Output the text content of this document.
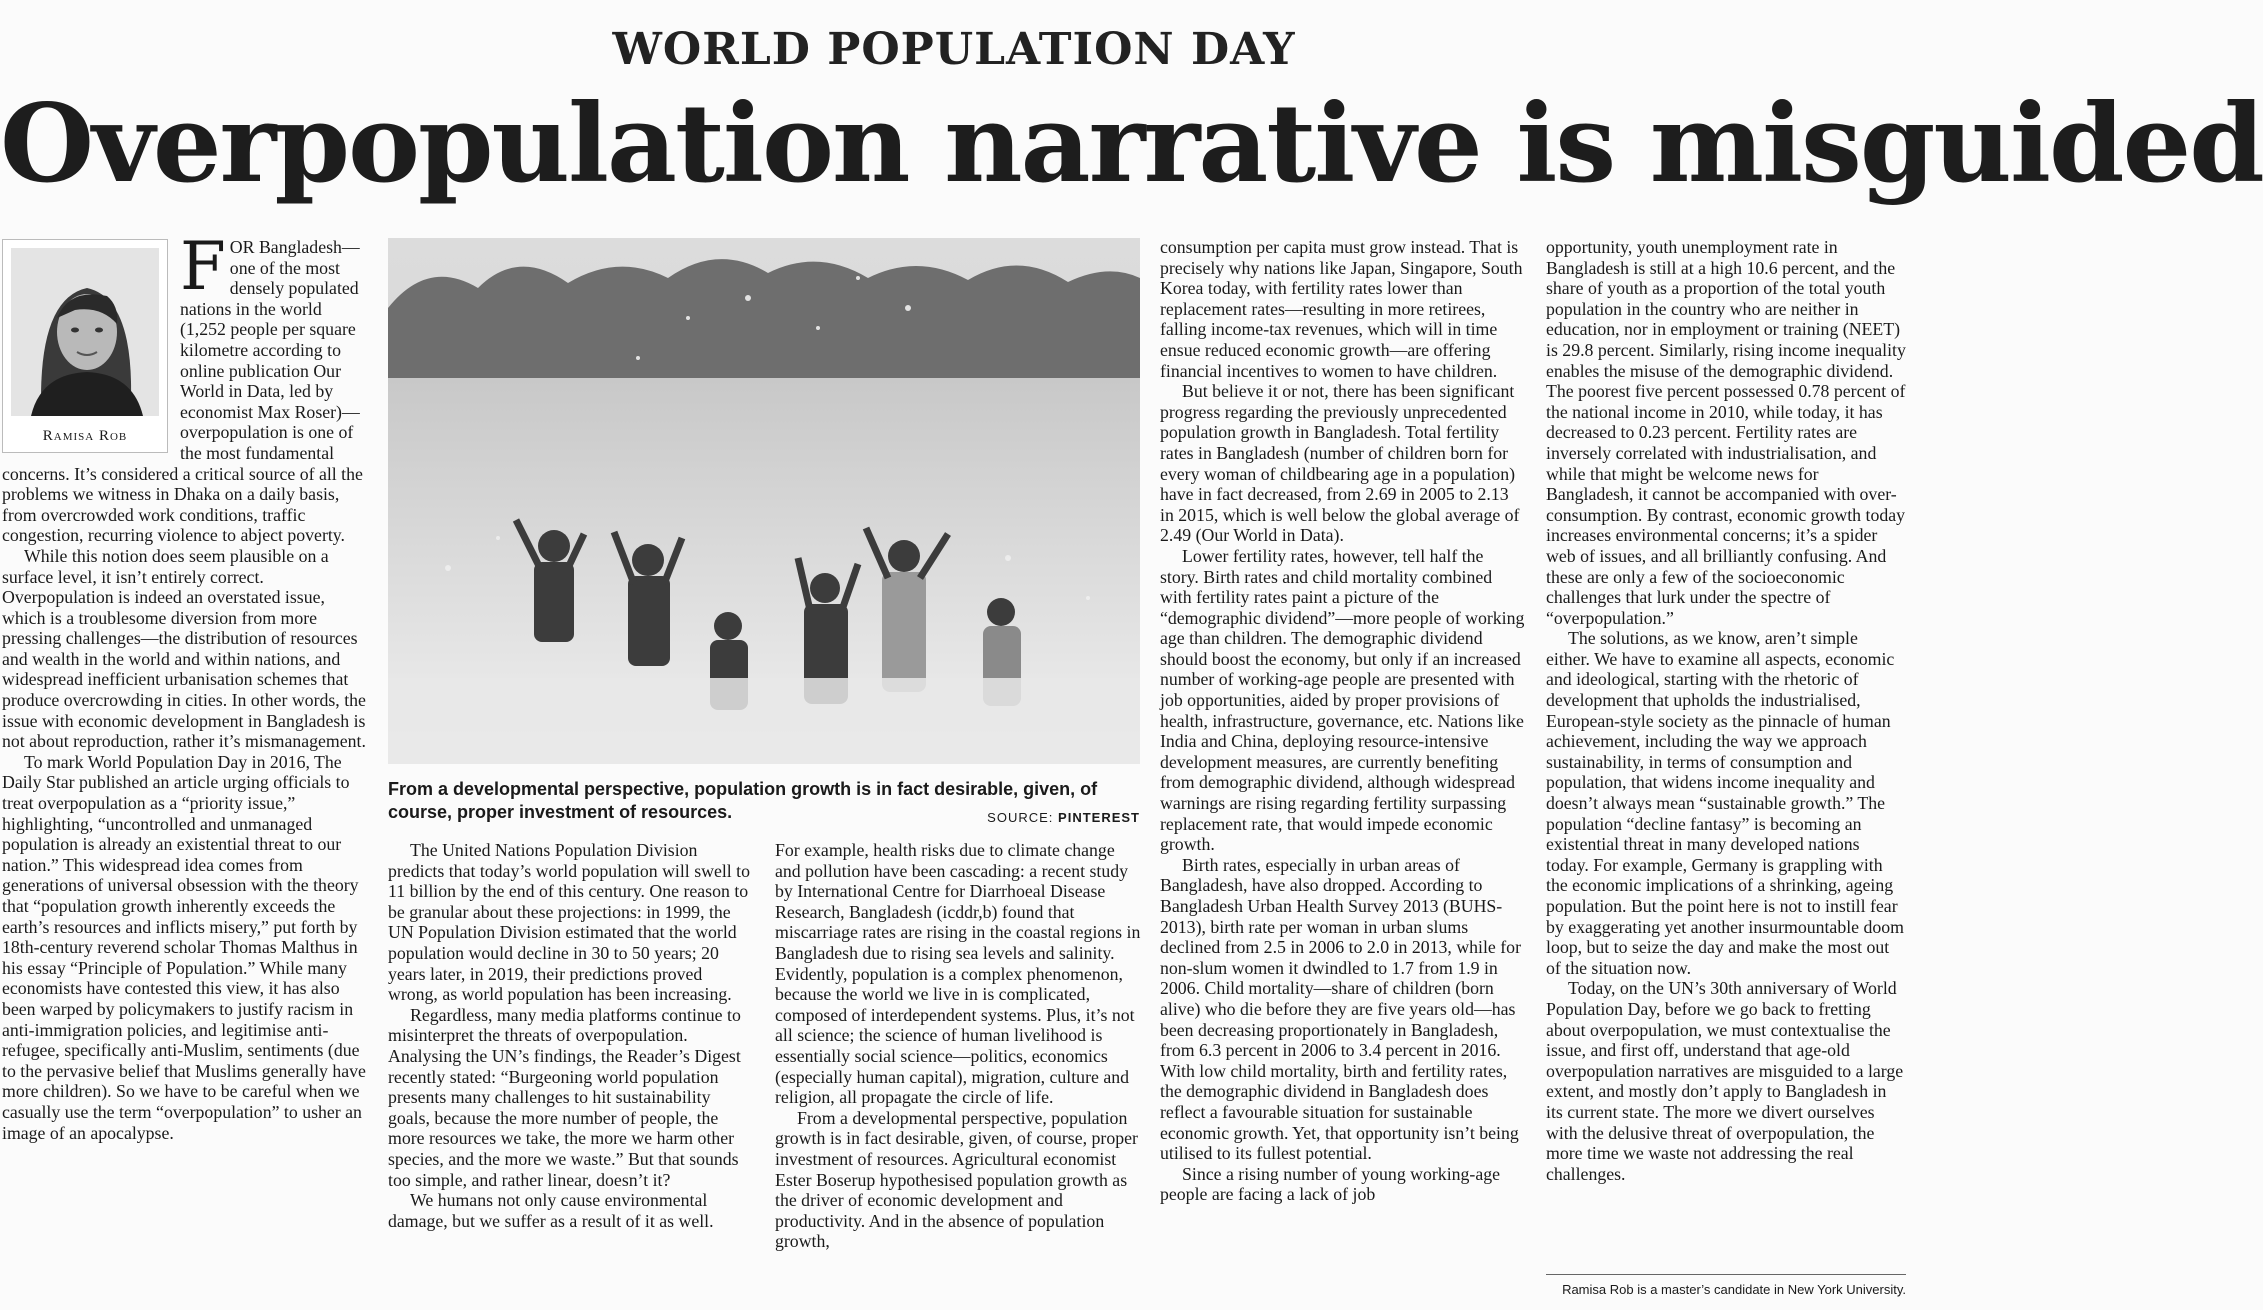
WORLD POPULATION DAY
Overpopulation narrative is misguided
Ramisa Rob
F OR Bangladesh—one of the most densely populated nations in the world (1,252 people per square kilometre according to online publication Our World in Data, led by economist Max Roser)—overpopulation is one of the most fundamental concerns. It’s considered a critical source of all the problems we witness in Dhaka on a daily basis, from overcrowded work conditions, traffic congestion, recurring violence to abject poverty.

While this notion does seem plausible on a surface level, it isn’t entirely correct. Overpopulation is indeed an overstated issue, which is a troublesome diversion from more pressing challenges—the distribution of resources and wealth in the world and within nations, and widespread inefficient urbanisation schemes that produce overcrowding in cities. In other words, the issue with economic development in Bangladesh is not about reproduction, rather it’s mismanagement.

To mark World Population Day in 2016, The Daily Star published an article urging officials to treat overpopulation as a “priority issue,” highlighting, “uncontrolled and unmanaged population is already an existential threat to our nation.” This widespread idea comes from generations of universal obsession with the theory that “population growth inherently exceeds the earth’s resources and inflicts misery,” put forth by 18th-century reverend scholar Thomas Malthus in his essay “Principle of Population.” While many economists have contested this view, it has also been warped by policymakers to justify racism in anti-immigration policies, and legitimise anti-refugee, specifically anti-Muslim, sentiments (due to the pervasive belief that Muslims generally have more children). So we have to be careful when we casually use the term “overpopulation” to usher an image of an apocalypse.

From a developmental perspective, population growth is in fact desirable, given, of course, proper investment of resources.	SOURCE: PINTEREST

The United Nations Population Division predicts that today’s world population will swell to 11 billion by the end of this century. One reason to be granular about these projections: in 1999, the UN Population Division estimated that the world population would decline in 30 to 50 years; 20 years later, in 2019, their predictions proved wrong, as world population has been increasing.

Regardless, many media platforms continue to misinterpret the threats of overpopulation. Analysing the UN’s findings, the Reader’s Digest recently stated: “Burgeoning world population presents many challenges to hit sustainability goals, because the more number of people, the more resources we take, the more we harm other species, and the more we waste.” But that sounds too simple, and rather linear, doesn’t it?

We humans not only cause environmental damage, but we suffer as a result of it as well.

For example, health risks due to climate change and pollution have been cascading: a recent study by International Centre for Diarrhoeal Disease Research, Bangladesh (icddr,b) found that miscarriage rates are rising in the coastal regions in Bangladesh due to rising sea levels and salinity. Evidently, population is a complex phenomenon, because the world we live in is complicated, composed of interdependent systems. Plus, it’s not all science; the science of human livelihood is essentially social science—politics, economics (especially human capital), migration, culture and religion, all propagate the circle of life.

From a developmental perspective, population growth is in fact desirable, given, of course, proper investment of resources. Agricultural economist Ester Boserup hypothesised population growth as the driver of economic development and productivity. And in the absence of population growth,

consumption per capita must grow instead. That is precisely why nations like Japan, Singapore, South Korea today, with fertility rates lower than replacement rates—resulting in more retirees, falling income-tax revenues, which will in time ensue reduced economic growth—are offering financial incentives to women to have children.

But believe it or not, there has been significant progress regarding the previously unprecedented population growth in Bangladesh. Total fertility rates in Bangladesh (number of children born for every woman of childbearing age in a population) have in fact decreased, from 2.69 in 2005 to 2.13 in 2015, which is well below the global average of 2.49 (Our World in Data).

Lower fertility rates, however, tell half the story. Birth rates and child mortality combined with fertility rates paint a picture of the “demographic dividend”—more people of working age than children. The demographic dividend should boost the economy, but only if an increased number of working-age people are presented with job opportunities, aided by proper provisions of health, infrastructure, governance, etc. Nations like India and China, deploying resource-intensive development measures, are currently benefiting from demographic dividend, although widespread warnings are rising regarding fertility surpassing replacement rate, that would impede economic growth.

Birth rates, especially in urban areas of Bangladesh, have also dropped. According to Bangladesh Urban Health Survey 2013 (BUHS-2013), birth rate per woman in urban slums declined from 2.5 in 2006 to 2.0 in 2013, while for non-slum women it dwindled to 1.7 from 1.9 in 2006. Child mortality—share of children (born alive) who die before they are five years old—has been decreasing proportionately in Bangladesh, from 6.3 percent in 2006 to 3.4 percent in 2016. With low child mortality, birth and fertility rates, the demographic dividend in Bangladesh does reflect a favourable situation for sustainable economic growth. Yet, that opportunity isn’t being utilised to its fullest potential.

Since a rising number of young working-age people are facing a lack of job

opportunity, youth unemployment rate in Bangladesh is still at a high 10.6 percent, and the share of youth as a proportion of the total youth population in the country who are neither in education, nor in employment or training (NEET) is 29.8 percent. Similarly, rising income inequality enables the misuse of the demographic dividend. The poorest five percent possessed 0.78 percent of the national income in 2010, while today, it has decreased to 0.23 percent. Fertility rates are inversely correlated with industrialisation, and while that might be welcome news for Bangladesh, it cannot be accompanied with over-consumption. By contrast, economic growth today increases environmental concerns; it’s a spider web of issues, and all brilliantly confusing. And these are only a few of the socioeconomic challenges that lurk under the spectre of “overpopulation.”

The solutions, as we know, aren’t simple either. We have to examine all aspects, economic and ideological, starting with the rhetoric of development that upholds the industrialised, European-style society as the pinnacle of human achievement, including the way we approach sustainability, in terms of consumption and population, that widens income inequality and doesn’t always mean “sustainable growth.” The population “decline fantasy” is becoming an existential threat in many developed nations today. For example, Germany is grappling with the economic implications of a shrinking, ageing population. But the point here is not to instill fear by exaggerating yet another insurmountable doom loop, but to seize the day and make the most out of the situation now.

Today, on the UN’s 30th anniversary of World Population Day, before we go back to fretting about overpopulation, we must contextualise the issue, and first off, understand that age-old overpopulation narratives are misguided to a large extent, and mostly don’t apply to Bangladesh in its current state. The more we divert ourselves with the delusive threat of overpopulation, the more time we waste not addressing the real challenges.

Ramisa Rob is a master’s candidate in New York University.
